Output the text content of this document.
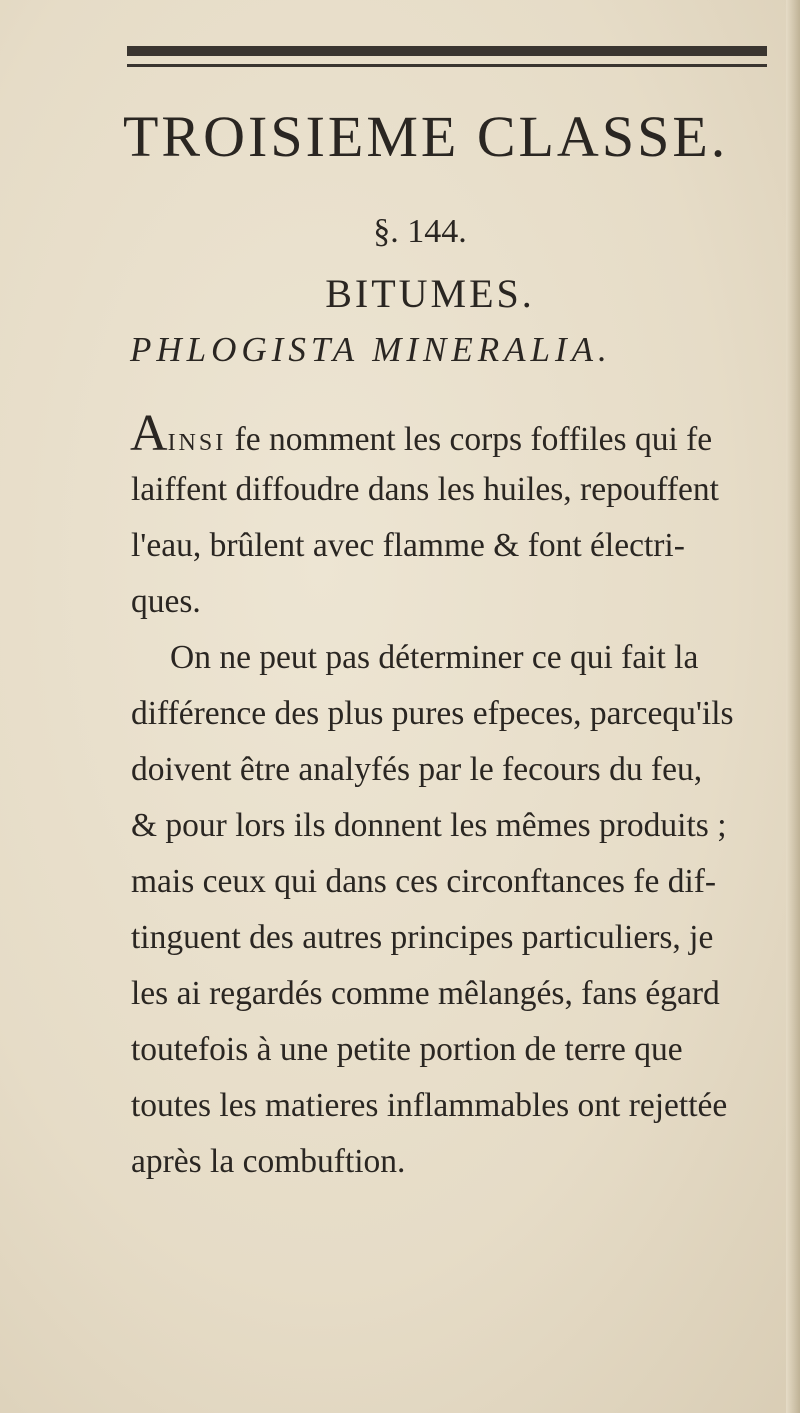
TROISIEME CLASSE.
§. 144.
BITUMES.
PHLOGISTA MINERALIA.
AINSI fe nomment les corps foffiles qui fe
laiffent diffoudre dans les huiles, repouffent
l'eau, brûlent avec flamme & font électri-
ques.
On ne peut pas déterminer ce qui fait la
différence des plus pures efpeces, parcequ'ils
doivent être analyfés par le fecours du feu,
& pour lors ils donnent les mêmes produits ;
mais ceux qui dans ces circonftances fe dif-
tinguent des autres principes particuliers, je
les ai regardés comme mêlangés, fans égard
toutefois à une petite portion de terre que
toutes les matieres inflammables ont rejettée
après la combuftion.
